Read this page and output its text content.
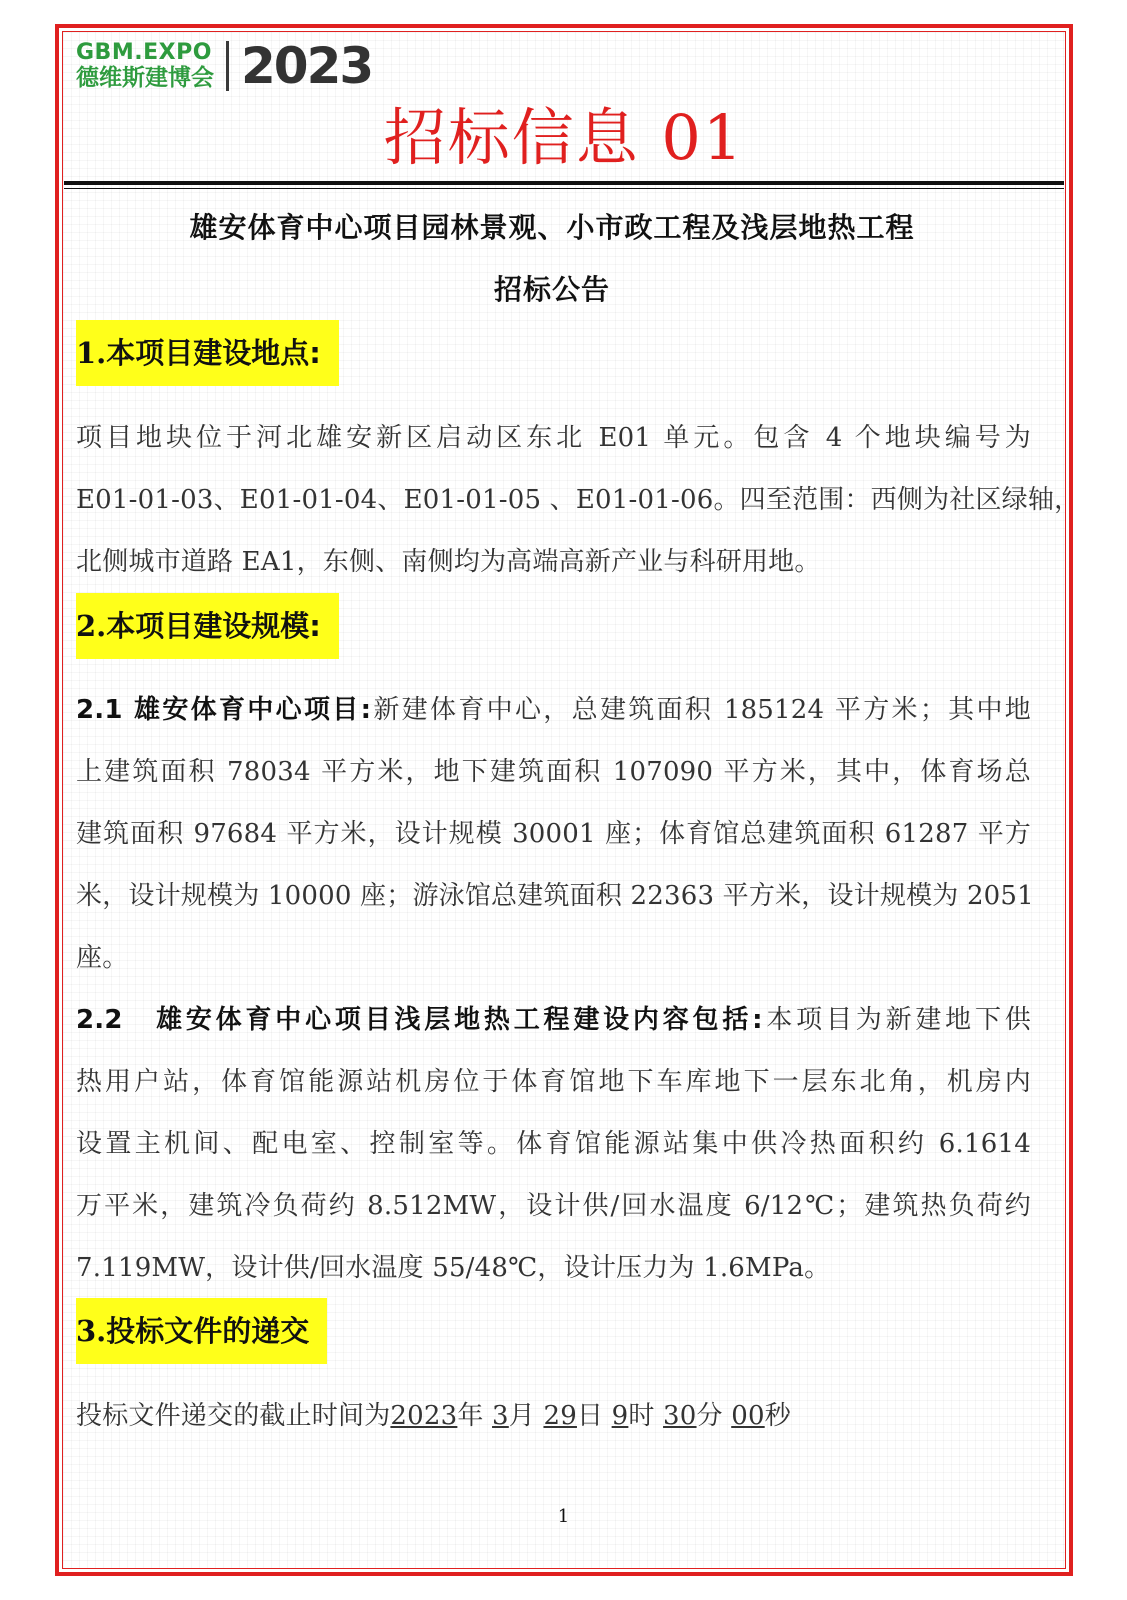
GBM.EXPO
德维斯建博会 2023
招标信息 01
雄安体育中心项目园林景观、小市政工程及浅层地热工程
招标公告
1.本项目建设地点:
项目地块位于河北雄安新区启动区东北 E01 单元。包含 4 个地块编号为
E01-01-03、E01-01-04、E01-01-05 、E01-01-06。四至范围：西侧为社区绿轴，
北侧城市道路 EA1，东侧、南侧均为高端高新产业与科研用地。
2.本项目建设规模:
2.1 雄安体育中心项目:新建体育中心，总建筑面积 185124 平方米；其中地
上建筑面积 78034 平方米，地下建筑面积 107090 平方米，其中，体育场总
建筑面积 97684 平方米，设计规模 30001 座；体育馆总建筑面积 61287 平方
米，设计规模为 10000 座；游泳馆总建筑面积 22363 平方米，设计规模为 2051
座。
2.2　雄安体育中心项目浅层地热工程建设内容包括:本项目为新建地下供
热用户站，体育馆能源站机房位于体育馆地下车库地下一层东北角，机房内
设置主机间、配电室、控制室等。体育馆能源站集中供冷热面积约 6.1614
万平米，建筑冷负荷约 8.512MW，设计供/回水温度 6/12℃；建筑热负荷约
7.119MW，设计供/回水温度 55/48℃，设计压力为 1.6MPa。
3.投标文件的递交
投标文件递交的截止时间为2023年 3月 29日 9时 30分 00秒
1
